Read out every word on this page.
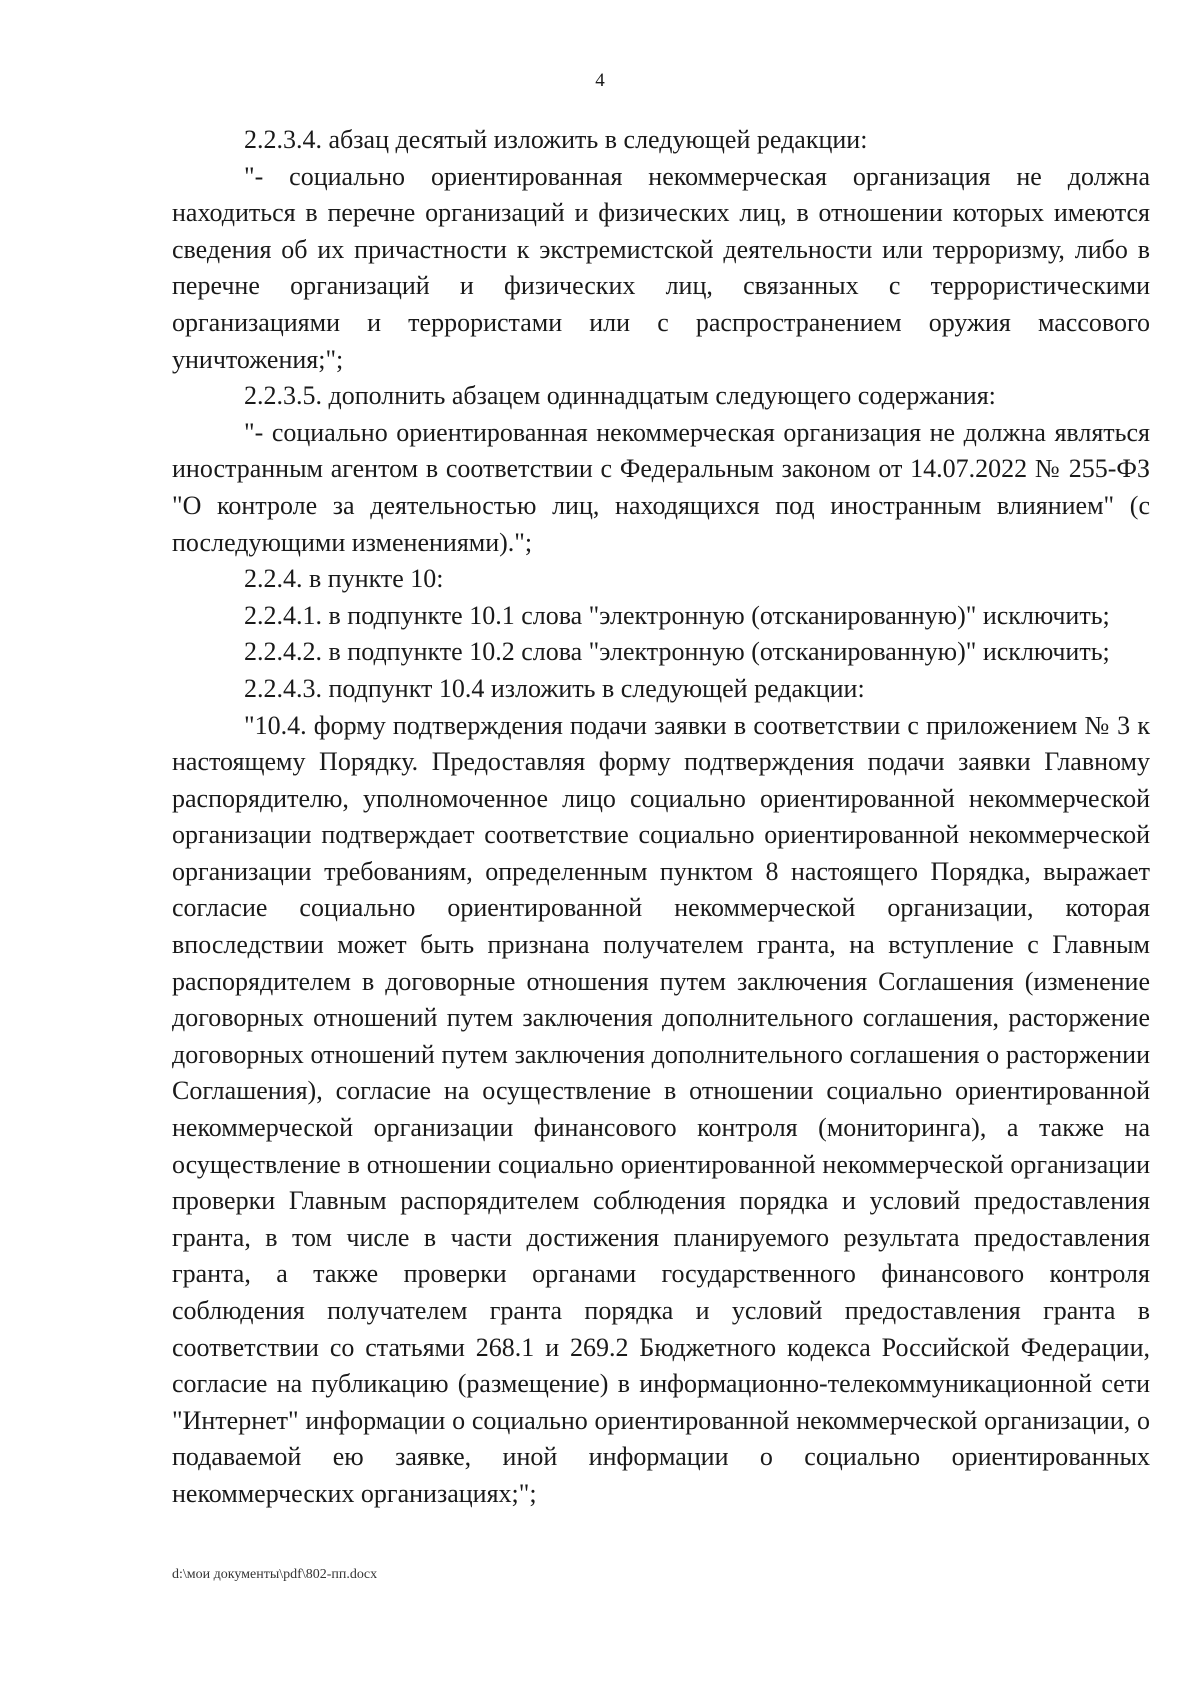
4

2.2.3.4. абзац десятый изложить в следующей редакции:

"- социально ориентированная некоммерческая организация не должна находиться в перечне организаций и физических лиц, в отношении которых имеются сведения об их причастности к экстремистской деятельности или терроризму, либо в перечне организаций и физических лиц, связанных с террористическими организациями и террористами или с распространением оружия массового уничтожения;";

2.2.3.5. дополнить абзацем одиннадцатым следующего содержания:

"- социально ориентированная некоммерческая организация не должна являться иностранным агентом в соответствии с Федеральным законом от 14.07.2022 № 255-ФЗ "О контроле за деятельностью лиц, находящихся под иностранным влиянием" (с последующими изменениями).";

2.2.4. в пункте 10:

2.2.4.1. в подпункте 10.1 слова "электронную (отсканированную)" исключить;

2.2.4.2. в подпункте 10.2 слова "электронную (отсканированную)" исключить;

2.2.4.3. подпункт 10.4 изложить в следующей редакции:

"10.4. форму подтверждения подачи заявки в соответствии с приложением № 3 к настоящему Порядку. Предоставляя форму подтверждения подачи заявки Главному распорядителю, уполномоченное лицо социально ориентированной некоммерческой организации подтверждает соответствие социально ориентированной некоммерческой организации требованиям, определенным пунктом 8 настоящего Порядка, выражает согласие социально ориентированной некоммерческой организации, которая впоследствии может быть признана получателем гранта, на вступление с Главным распорядителем в договорные отношения путем заключения Соглашения (изменение договорных отношений путем заключения дополнительного соглашения, расторжение договорных отношений путем заключения дополнительного соглашения о расторжении Соглашения), согласие на осуществление в отношении социально ориентированной некоммерческой организации финансового контроля (мониторинга), а также на осуществление в отношении социально ориентированной некоммерческой организации проверки Главным распорядителем соблюдения порядка и условий предоставления гранта, в том числе в части достижения планируемого результата предоставления гранта, а также проверки органами государственного финансового контроля соблюдения получателем гранта порядка и условий предоставления гранта в соответствии со статьями 268.1 и 269.2 Бюджетного кодекса Российской Федерации, согласие на публикацию (размещение) в информационно-телекоммуникационной сети "Интернет" информации о социально ориентированной некоммерческой организации, о подаваемой ею заявке, иной информации о социально ориентированных некоммерческих организациях;";

d:\мои документы\pdf\802-пп.docx
